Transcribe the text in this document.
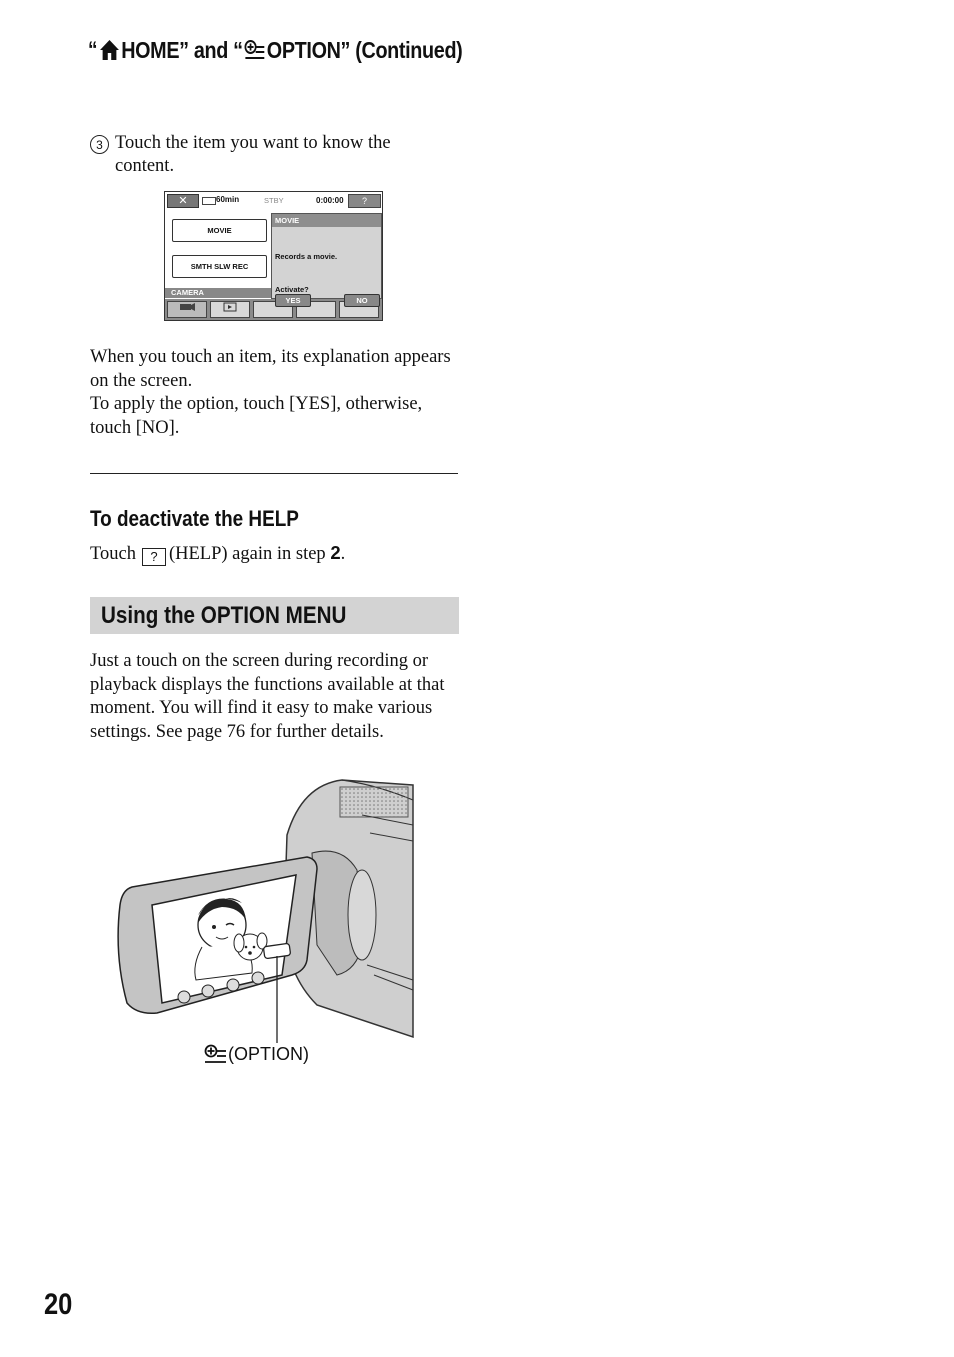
“ HOME ” and “ OPTION ” (Continued)
3 Touch the item you want to know the content.
✕	60min	STBY	0:00:00	?
MOVIE
SMTH SLW REC
CAMERA
MOVIE
Records a movie.
Activate?
YES	NO
When you touch an item, its explanation appears on the screen.
To apply the option, touch [YES], otherwise, touch [NO].
To deactivate the HELP
Touch ? (HELP) again in step 2.
Using the OPTION MENU
Just a touch on the screen during recording or playback displays the functions available at that moment. You will find it easy to make various settings. See page 76 for further details.
(OPTION)
20
